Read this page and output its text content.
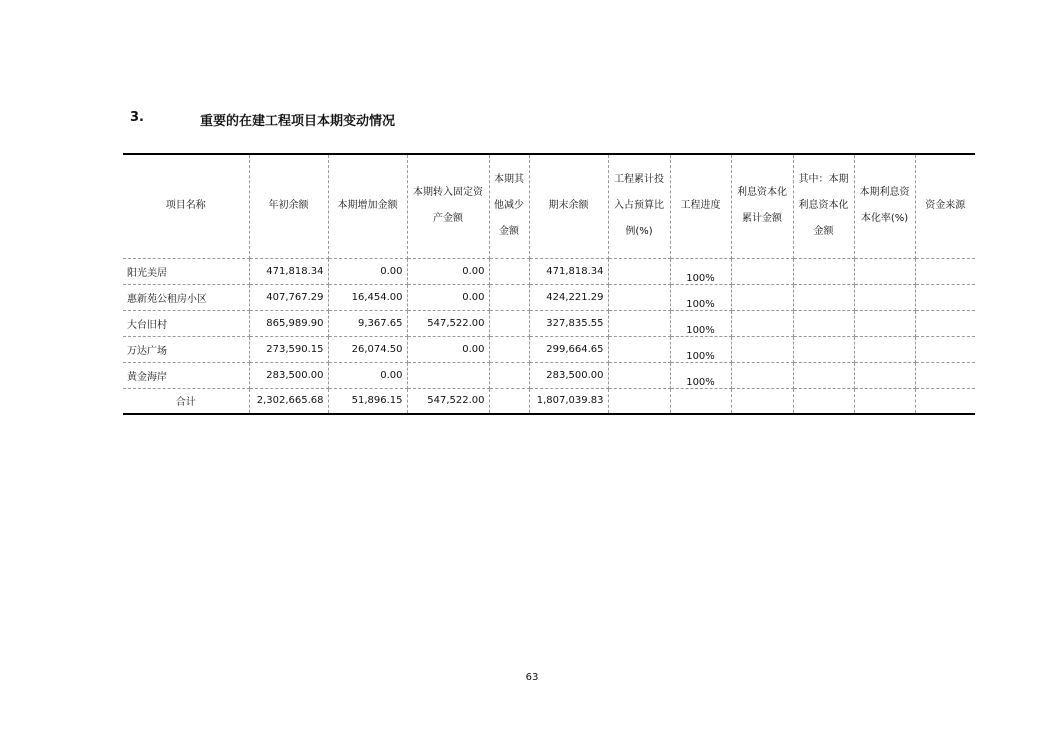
3.	重要的在建工程项目本期变动情况
项目名称	年初余额	本期增加金额	本期转入固定资产金额	本期其他减少金额	期末余额	工程累计投入占预算比例(%)	工程进度	利息资本化累计金额	其中：本期利息资本化金额	本期利息资本化率(%)	资金来源
阳光美居	471,818.34	0.00	0.00		471,818.34		100%				
惠新苑公租房小区	407,767.29	16,454.00	0.00		424,221.29		100%				
大台旧村	865,989.90	9,367.65	547,522.00		327,835.55		100%				
万达广场	273,590.15	26,074.50	0.00		299,664.65		100%				
黄金海岸	283,500.00	0.00			283,500.00		100%				
合计	2,302,665.68	51,896.15	547,522.00		1,807,039.83						
63
